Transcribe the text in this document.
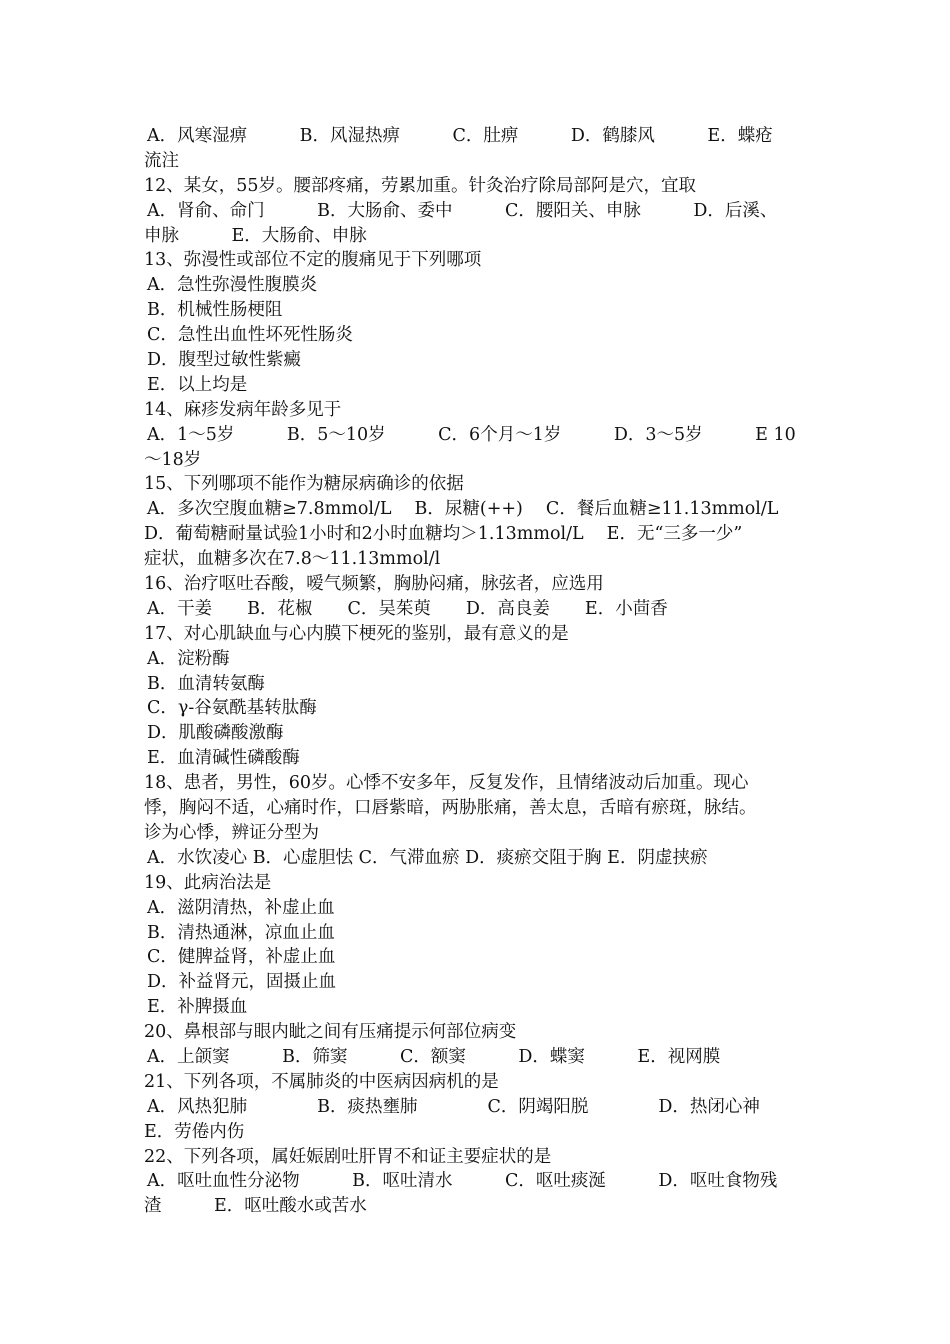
A．风寒湿痹　　　B．风湿热痹　　　C．肚痹　　　D．鹤膝风　　　E．蝶疮
流注
12、某女，55岁。腰部疼痛，劳累加重。针灸治疗除局部阿是穴，宜取
A．肾俞、命门　　　B．大肠俞、委中　　　C．腰阳关、申脉　　　D．后溪、
申脉　　　E．大肠俞、申脉
13、弥漫性或部位不定的腹痛见于下列哪项
A．急性弥漫性腹膜炎
B．机械性肠梗阻
C．急性出血性坏死性肠炎
D．腹型过敏性紫癜
E．以上均是
14、麻疹发病年龄多见于
A．1～5岁　　　B．5～10岁　　　C．6个月～1岁　　　D．3～5岁　　　E 10
～18岁
15、下列哪项不能作为糖尿病确诊的依据
A．多次空腹血糖≥7.8mmol/L　 B．尿糖(++)　 C．餐后血糖≥11.13mmol/L
D．葡萄糖耐量试验1小时和2小时血糖均＞1.13mmol/L　 E．无“三多一少”
症状，血糖多次在7.8～11.13mmol/l
16、治疗呕吐吞酸，嗳气频繁，胸胁闷痛，脉弦者，应选用
A．干姜　　B．花椒　　C．吴茱萸　　D．高良姜　　E．小茴香
17、对心肌缺血与心内膜下梗死的鉴别，最有意义的是
A．淀粉酶
B．血清转氨酶
C．γ-谷氨酰基转肽酶
D．肌酸磷酸激酶
E．血清碱性磷酸酶
18、患者，男性，60岁。心悸不安多年，反复发作，且情绪波动后加重。现心
悸，胸闷不适，心痛时作，口唇紫暗，两胁胀痛，善太息，舌暗有瘀斑，脉结。
诊为心悸，辨证分型为
A．水饮凌心 B．心虚胆怯 C．气滞血瘀 D．痰瘀交阻于胸 E．阴虚挟瘀
19、此病治法是
A．滋阴清热，补虚止血
B．清热通淋，凉血止血
C．健脾益肾，补虚止血
D．补益肾元，固摄止血
E．补脾摄血
20、鼻根部与眼内眦之间有压痛提示何部位病变
A．上颌窦　　　B．筛窦　　　C．额窦　　　D．蝶窦　　　E．视网膜
21、下列各项，不属肺炎的中医病因病机的是
A．风热犯肺　　　　B．痰热壅肺　　　　C．阴竭阳脱　　　　D．热闭心神
E．劳倦内伤
22、下列各项，属妊娠剧吐肝胃不和证主要症状的是
A．呕吐血性分泌物　　　B．呕吐清水　　　C．呕吐痰涎　　　D．呕吐食物残
渣　　　E．呕吐酸水或苦水
